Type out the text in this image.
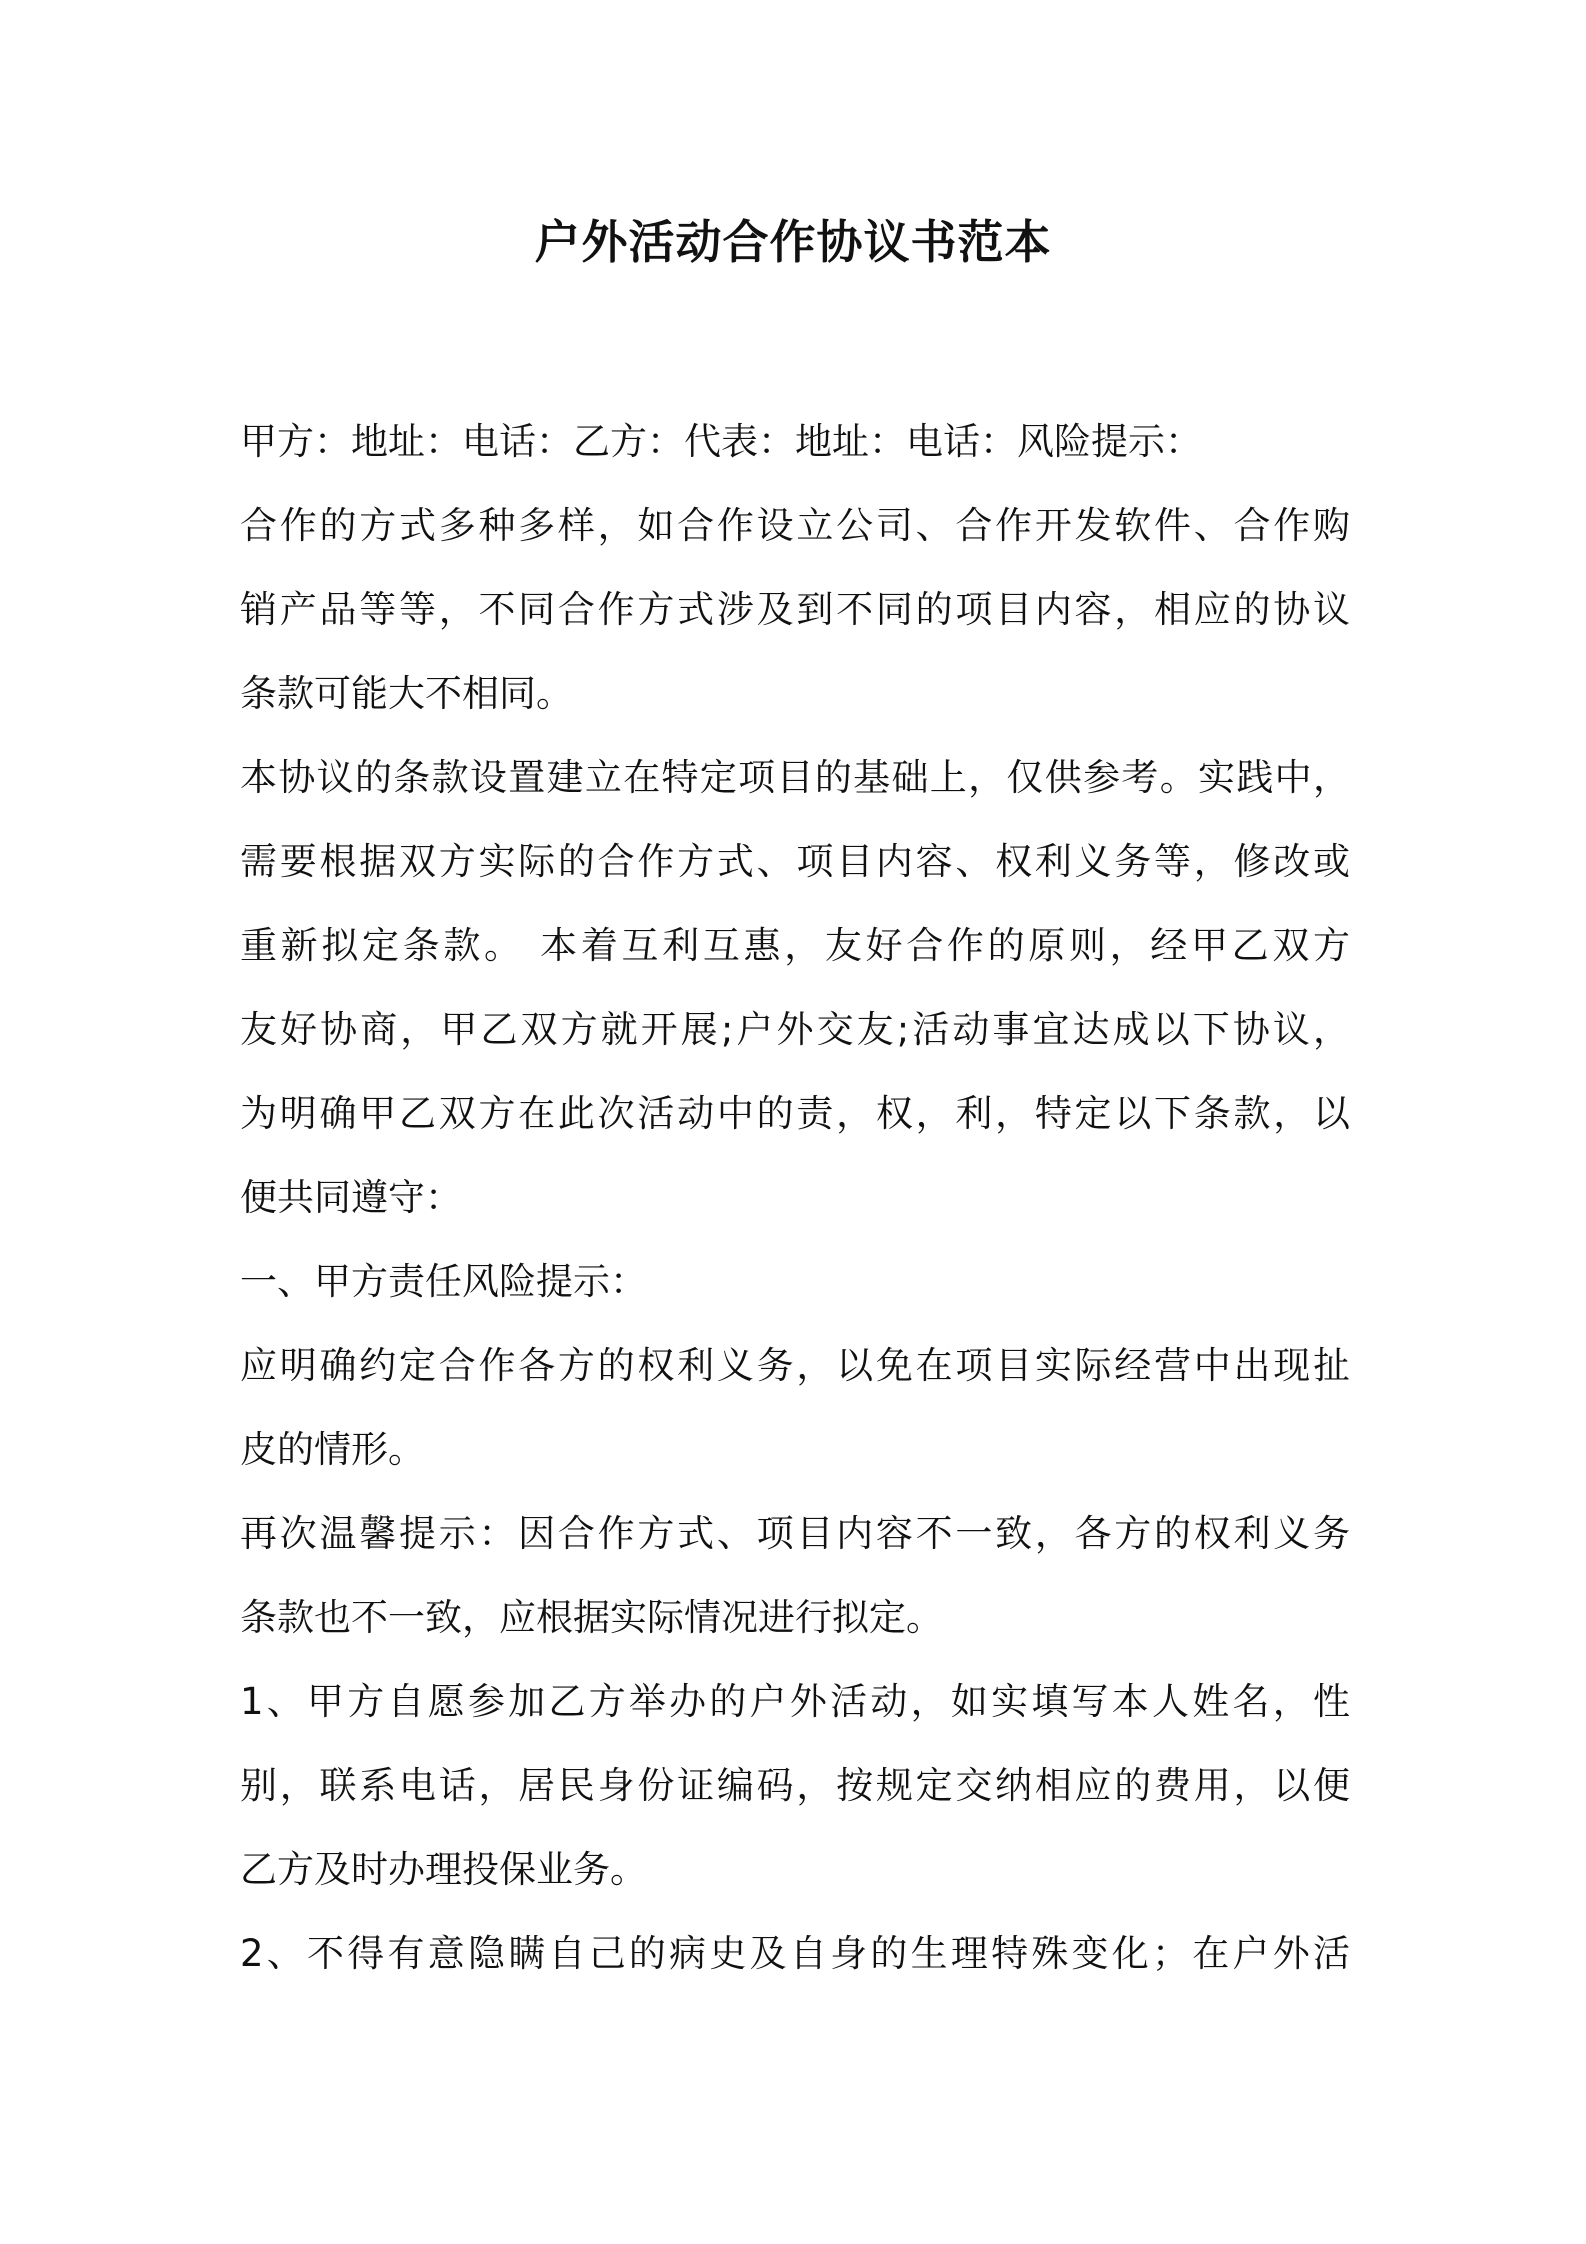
户外活动合作协议书范本
甲方：地址：电话：乙方：代表：地址：电话：风险提示：
合作的方式多种多样，如合作设立公司、合作开发软件、合作购
销产品等等，不同合作方式涉及到不同的项目内容，相应的协议
条款可能大不相同。
本协议的条款设置建立在特定项目的基础上，仅供参考。实践中，
需要根据双方实际的合作方式、项目内容、权利义务等，修改或
重新拟定条款。 本着互利互惠，友好合作的原则，经甲乙双方
友好协商，甲乙双方就开展;户外交友;活动事宜达成以下协议，
为明确甲乙双方在此次活动中的责，权，利，特定以下条款，以
便共同遵守：
一、甲方责任风险提示：
应明确约定合作各方的权利义务，以免在项目实际经营中出现扯
皮的情形。
再次温馨提示：因合作方式、项目内容不一致，各方的权利义务
条款也不一致，应根据实际情况进行拟定。
1、甲方自愿参加乙方举办的户外活动，如实填写本人姓名，性
别，联系电话，居民身份证编码，按规定交纳相应的费用，以便
乙方及时办理投保业务。
2、不得有意隐瞒自己的病史及自身的生理特殊变化；在户外活
